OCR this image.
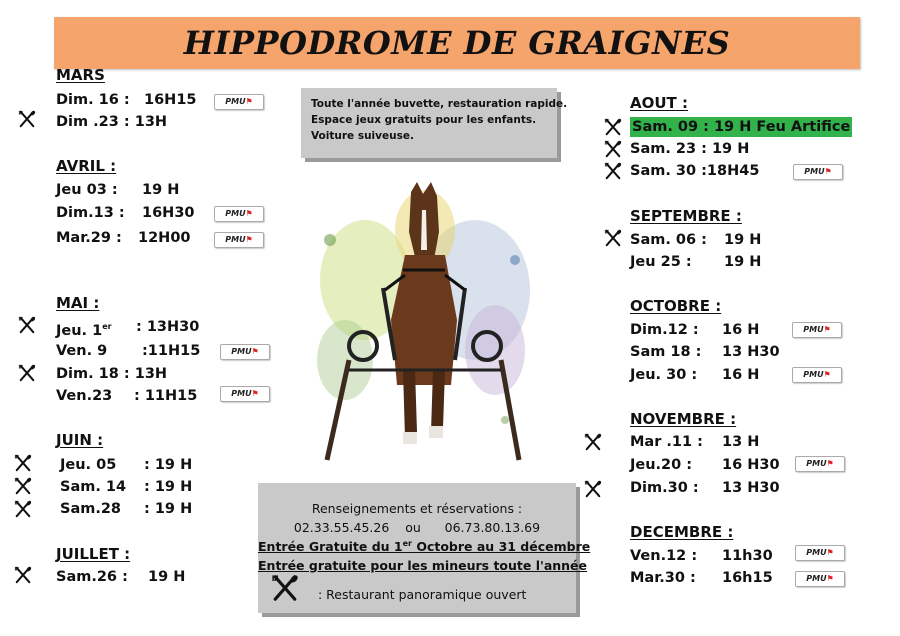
HIPPODROME DE GRAIGNES
MARS
Dim. 16 : 16H15	PMU⚑
Dim .23 : 13H
AVRIL :
Jeu 03 : 19 H
Dim.13 : 16H30	PMU⚑
Mar.29 : 12H00	PMU⚑
MAI :
Jeu. 1er : 13H30
Ven. 9 :11H15	PMU⚑
Dim. 18 : 13H
Ven.23 : 11H15	PMU⚑
JUIN :
Jeu. 05 : 19 H
Sam. 14 : 19 H
Sam.28 : 19 H
JUILLET :
Sam.26 : 19 H
Toute l'année buvette, restauration rapide.
Espace jeux gratuits pour les enfants.
Voiture suiveuse.
Renseignements et réservations :
02.33.55.45.26 ou 06.73.80.13.69
Entrée Gratuite du 1er Octobre au 31 décembre
Entrée gratuite pour les mineurs toute l'année
: Restaurant panoramique ouvert
AOUT :
Sam. 09 : 19 H Feu Artifice
Sam. 23 : 19 H
Sam. 30 :18H45	PMU⚑
SEPTEMBRE :
Sam. 06 : 19 H
Jeu 25 : 19 H
OCTOBRE :
Dim.12 : 16 H	PMU⚑
Sam 18 : 13 H30
Jeu. 30 : 16 H	PMU⚑
NOVEMBRE :
Mar .11 : 13 H
Jeu.20 : 16 H30	PMU⚑
Dim.30 : 13 H30
DECEMBRE :
Ven.12 : 11h30	PMU⚑
Mar.30 : 16h15	PMU⚑
